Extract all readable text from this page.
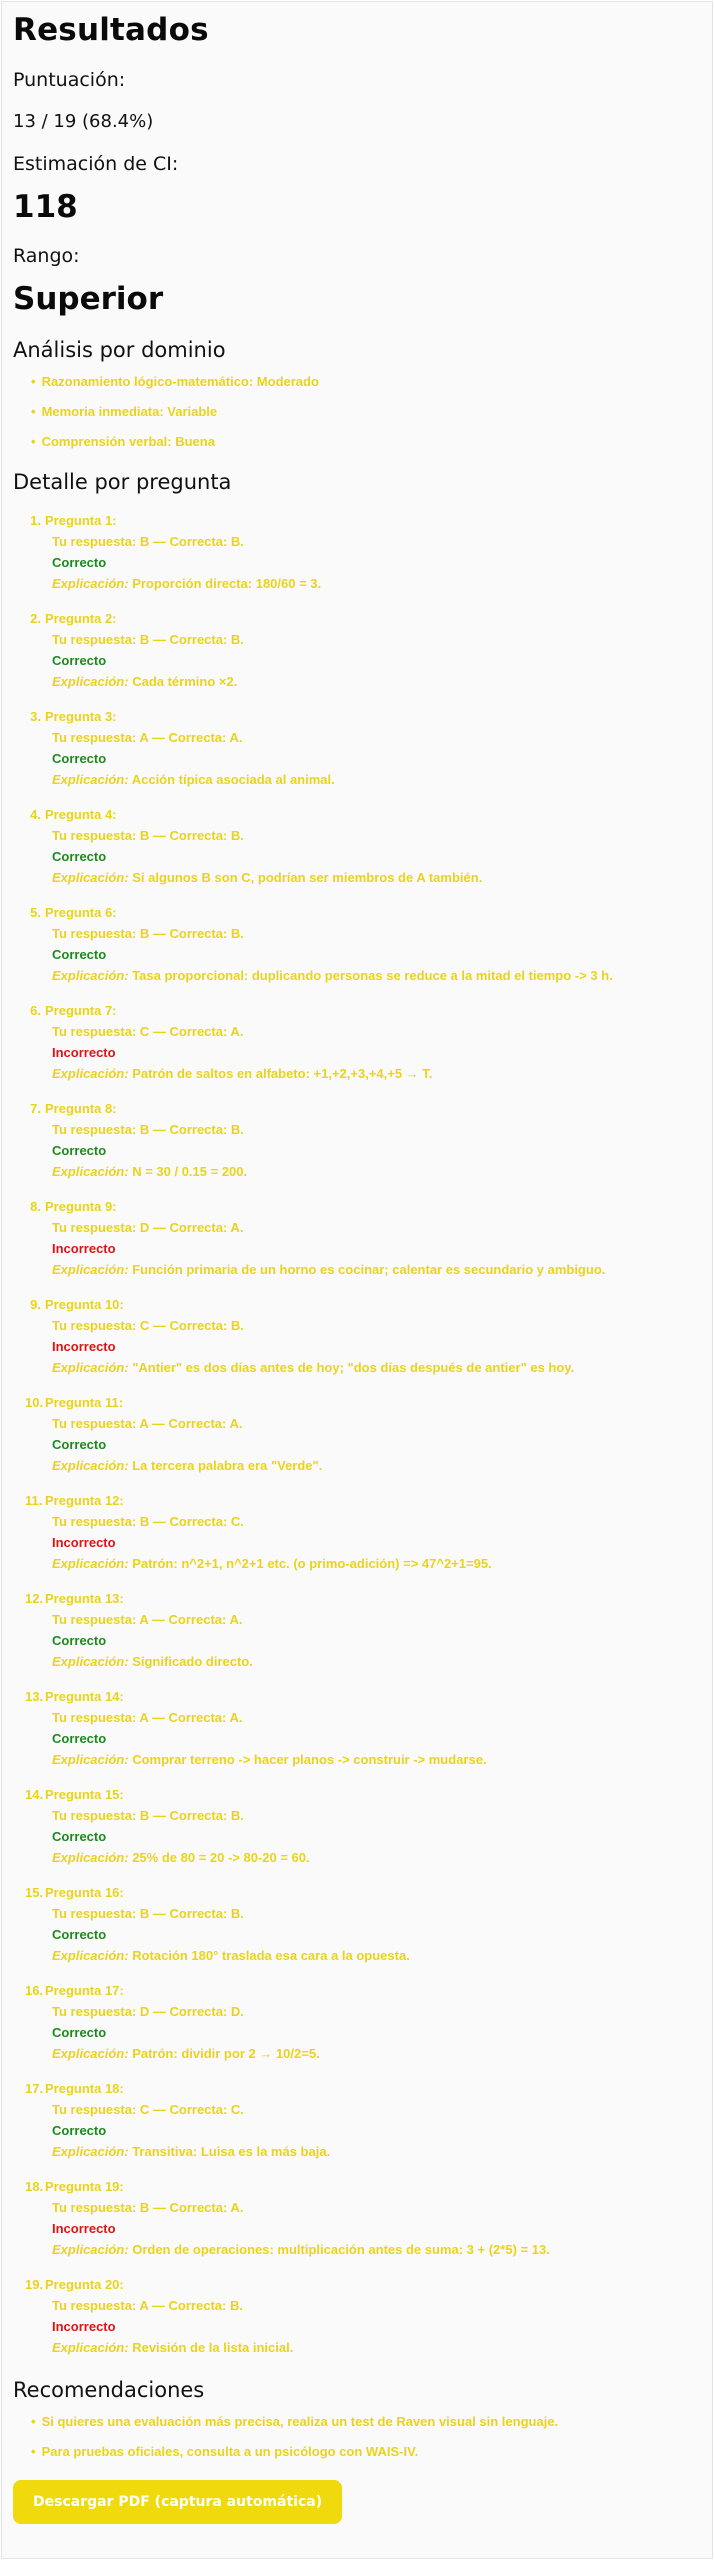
Resultados
Puntuación:
13 / 19 (68.4%)
Estimación de CI:
118
Rango:
Superior
Análisis por dominio
• Razonamiento lógico-matemático: Moderado
• Memoria inmediata: Variable
• Comprensión verbal: Buena
Detalle por pregunta
1. Pregunta 1:
Tu respuesta: B — Correcta: B.
Correcto
Explicación: Proporción directa: 180/60 = 3.
2. Pregunta 2:
Tu respuesta: B — Correcta: B.
Correcto
Explicación: Cada término ×2.
3. Pregunta 3:
Tu respuesta: A — Correcta: A.
Correcto
Explicación: Acción típica asociada al animal.
4. Pregunta 4:
Tu respuesta: B — Correcta: B.
Correcto
Explicación: Si algunos B son C, podrían ser miembros de A también.
5. Pregunta 6:
Tu respuesta: B — Correcta: B.
Correcto
Explicación: Tasa proporcional: duplicando personas se reduce a la mitad el tiempo -> 3 h.
6. Pregunta 7:
Tu respuesta: C — Correcta: A.
Incorrecto
Explicación: Patrón de saltos en alfabeto: +1,+2,+3,+4,+5 → T.
7. Pregunta 8:
Tu respuesta: B — Correcta: B.
Correcto
Explicación: N = 30 / 0.15 = 200.
8. Pregunta 9:
Tu respuesta: D — Correcta: A.
Incorrecto
Explicación: Función primaria de un horno es cocinar; calentar es secundario y ambiguo.
9. Pregunta 10:
Tu respuesta: C — Correcta: B.
Incorrecto
Explicación: "Antier" es dos días antes de hoy; "dos días después de antier" es hoy.
10. Pregunta 11:
Tu respuesta: A — Correcta: A.
Correcto
Explicación: La tercera palabra era "Verde".
11. Pregunta 12:
Tu respuesta: B — Correcta: C.
Incorrecto
Explicación: Patrón: n^2+1, n^2+1 etc. (o primo-adición) => 47^2+1=95.
12. Pregunta 13:
Tu respuesta: A — Correcta: A.
Correcto
Explicación: Significado directo.
13. Pregunta 14:
Tu respuesta: A — Correcta: A.
Correcto
Explicación: Comprar terreno -> hacer planos -> construir -> mudarse.
14. Pregunta 15:
Tu respuesta: B — Correcta: B.
Correcto
Explicación: 25% de 80 = 20 -> 80-20 = 60.
15. Pregunta 16:
Tu respuesta: B — Correcta: B.
Correcto
Explicación: Rotación 180° traslada esa cara a la opuesta.
16. Pregunta 17:
Tu respuesta: D — Correcta: D.
Correcto
Explicación: Patrón: dividir por 2 → 10/2=5.
17. Pregunta 18:
Tu respuesta: C — Correcta: C.
Correcto
Explicación: Transitiva: Luisa es la más baja.
18. Pregunta 19:
Tu respuesta: B — Correcta: A.
Incorrecto
Explicación: Orden de operaciones: multiplicación antes de suma: 3 + (2*5) = 13.
19. Pregunta 20:
Tu respuesta: A — Correcta: B.
Incorrecto
Explicación: Revisión de la lista inicial.
Recomendaciones
• Si quieres una evaluación más precisa, realiza un test de Raven visual sin lenguaje.
• Para pruebas oficiales, consulta a un psicólogo con WAIS-IV.
Descargar PDF (captura automática)
